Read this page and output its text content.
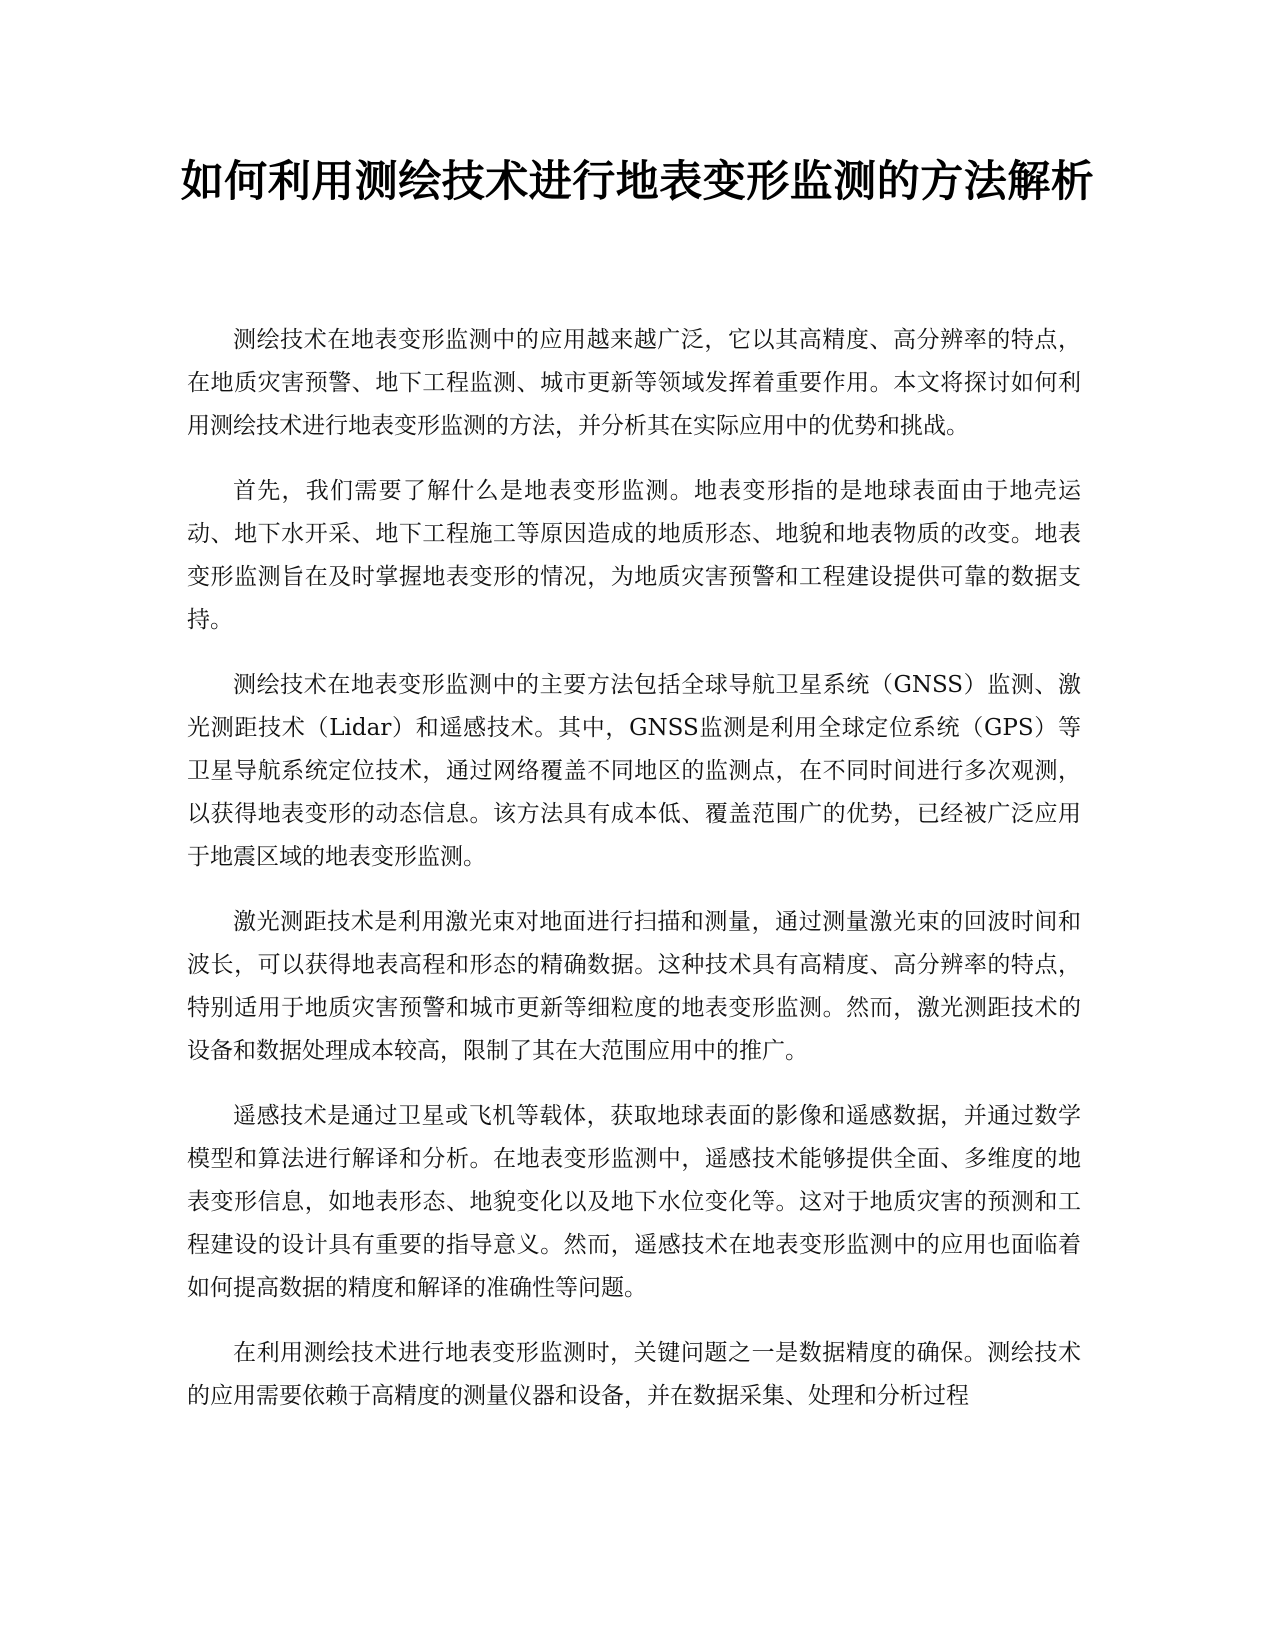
如何利用测绘技术进行地表变形监测的方法解析

测绘技术在地表变形监测中的应用越来越广泛，它以其高精度、高分辨率的特点，在地质灾害预警、地下工程监测、城市更新等领域发挥着重要作用。本文将探讨如何利用测绘技术进行地表变形监测的方法，并分析其在实际应用中的优势和挑战。

首先，我们需要了解什么是地表变形监测。地表变形指的是地球表面由于地壳运动、地下水开采、地下工程施工等原因造成的地质形态、地貌和地表物质的改变。地表变形监测旨在及时掌握地表变形的情况，为地质灾害预警和工程建设提供可靠的数据支持。

测绘技术在地表变形监测中的主要方法包括全球导航卫星系统（GNSS）监测、激光测距技术（Lidar）和遥感技术。其中，GNSS监测是利用全球定位系统（GPS）等卫星导航系统定位技术，通过网络覆盖不同地区的监测点，在不同时间进行多次观测，以获得地表变形的动态信息。该方法具有成本低、覆盖范围广的优势，已经被广泛应用于地震区域的地表变形监测。

激光测距技术是利用激光束对地面进行扫描和测量，通过测量激光束的回波时间和波长，可以获得地表高程和形态的精确数据。这种技术具有高精度、高分辨率的特点，特别适用于地质灾害预警和城市更新等细粒度的地表变形监测。然而，激光测距技术的设备和数据处理成本较高，限制了其在大范围应用中的推广。

遥感技术是通过卫星或飞机等载体，获取地球表面的影像和遥感数据，并通过数学模型和算法进行解译和分析。在地表变形监测中，遥感技术能够提供全面、多维度的地表变形信息，如地表形态、地貌变化以及地下水位变化等。这对于地质灾害的预测和工程建设的设计具有重要的指导意义。然而，遥感技术在地表变形监测中的应用也面临着如何提高数据的精度和解译的准确性等问题。

在利用测绘技术进行地表变形监测时，关键问题之一是数据精度的确保。测绘技术的应用需要依赖于高精度的测量仪器和设备，并在数据采集、处理和分析过程
